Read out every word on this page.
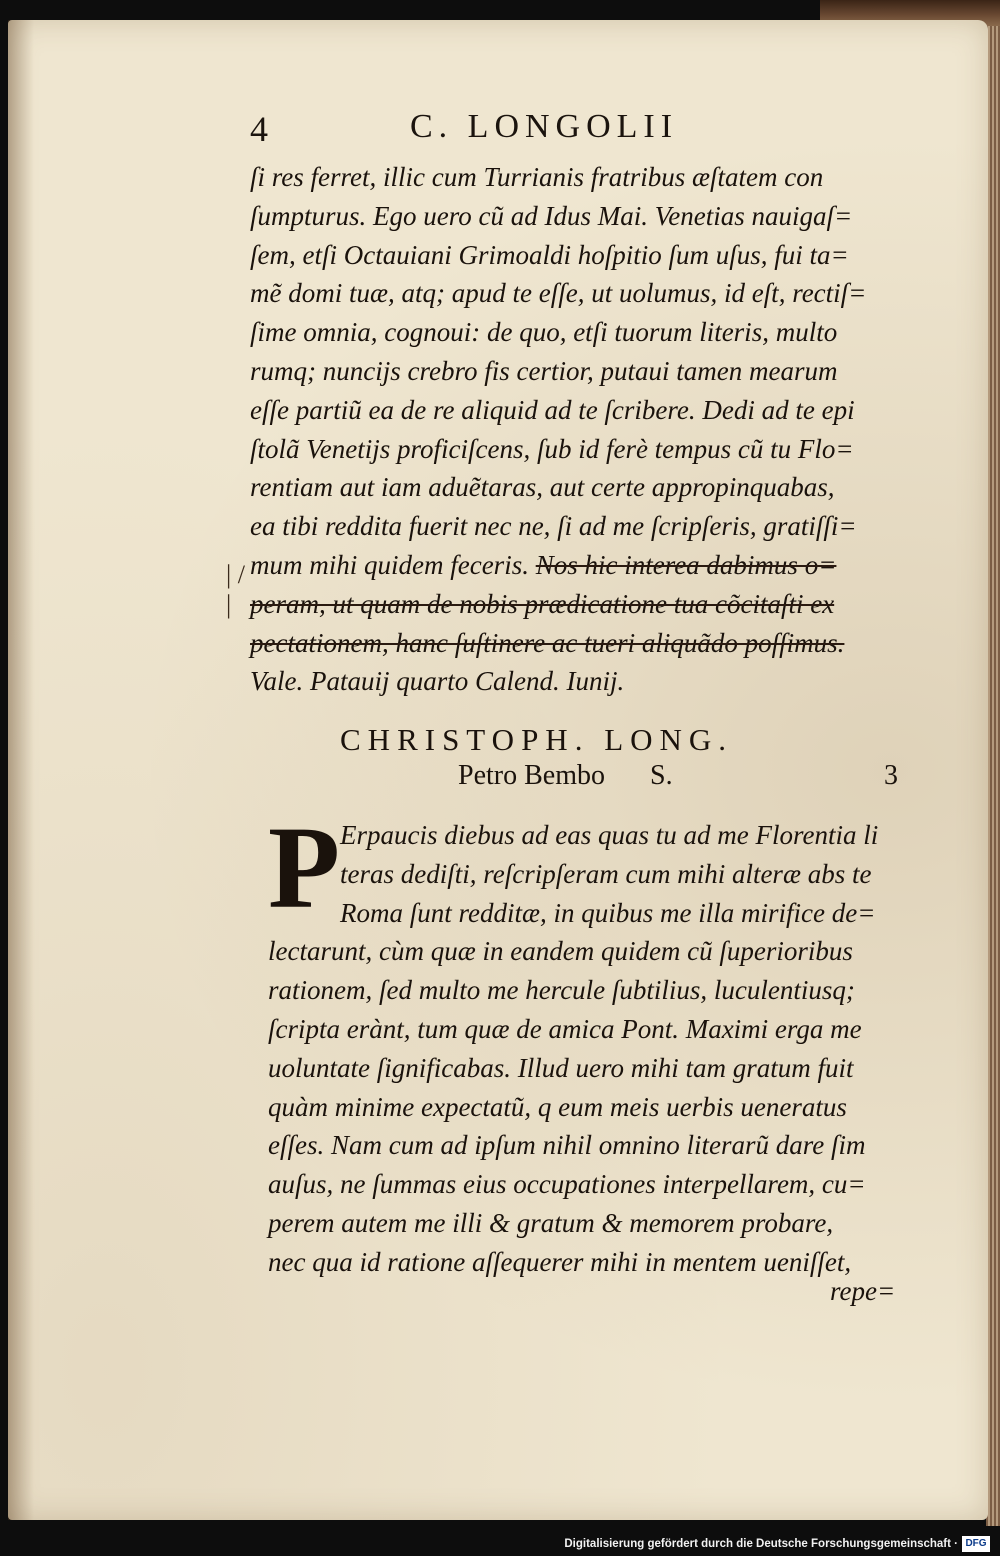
4	C. LONGOLII
ſi res ferret, illic cum Turrianis fratribus æſtatem con
ſumpturus. Ego uero cũ ad Idus Mai. Venetias nauigaſ=
ſem, etſi Octauiani Grimoaldi hoſpitio ſum uſus, fui ta=
mẽ domi tuæ, atq; apud te eſſe, ut uolumus, id eſt, rectiſ=
ſime omnia, cognoui: de quo, etſi tuorum literis, multo
rumq; nuncijs crebro fis certior, putaui tamen mearum
eſſe partiũ ea de re aliquid ad te ſcribere. Dedi ad te epi
ſtolã Venetijs proficiſcens, ſub id ferè tempus cũ tu Flo=
rentiam aut iam aduẽtaras, aut certe appropinquabas,
ea tibi reddita fuerit nec ne, ſi ad me ſcripſeris, gratiſſi=
mum mihi quidem feceris. Nos hic interea dabimus o=
peram, ut quam de nobis prædicatione tua cõcitaſti ex
pectationem, hanc ſuſtinere ac tueri aliquãdo poſſimus.
Vale. Patauij quarto Calend. Iunij.
| / |
CHRISTOPH. LONG.
Petro Bembo S.	3
P Erpaucis diebus ad eas quas tu ad me Florentia li
teras dediſti, reſcripſeram cum mihi alteræ abs te
Roma ſunt redditæ, in quibus me illa mirifice de=
lectarunt, cùm quæ in eandem quidem cũ ſuperioribus
rationem, ſed multo me hercule ſubtilius, luculentiusq;
ſcripta erànt, tum quæ de amica Pont. Maximi erga me
uoluntate ſignificabas. Illud uero mihi tam gratum fuit
quàm minime expectatũ, q eum meis uerbis ueneratus
eſſes. Nam cum ad ipſum nihil omnino literarũ dare ſim
auſus, ne ſummas eius occupationes interpellarem, cu=
perem autem me illi & gratum & memorem probare,
nec qua id ratione aſſequerer mihi in mentem ueniſſet,
repe=
Digitalisierung gefördert durch die Deutsche Forschungsgemeinschaft · DFG
